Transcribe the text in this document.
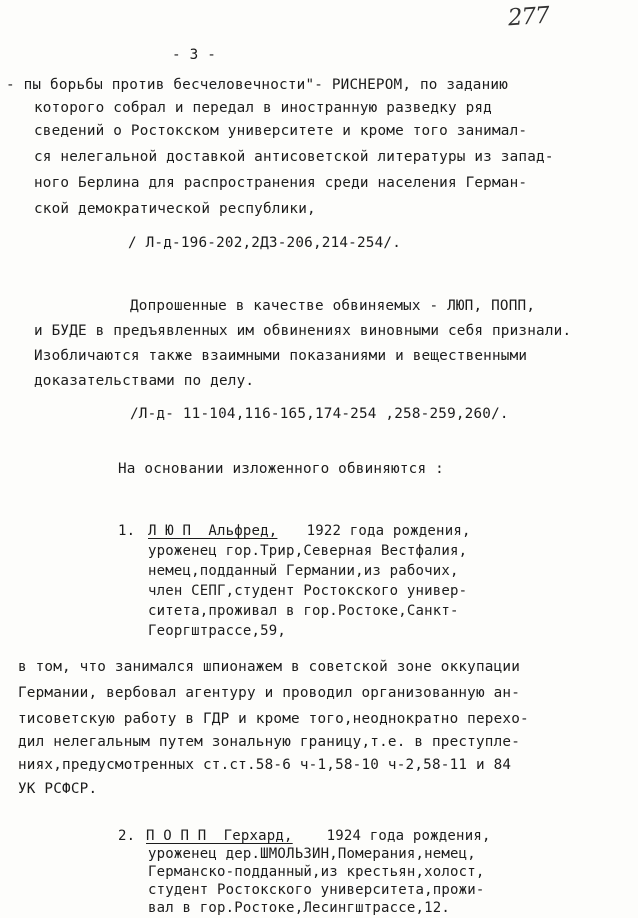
277
- 3 -
- пы борьбы против бесчеловечности"- РИСНЕРОМ, по заданию
которого собрал и передал в иностранную разведку ряд
сведений о Ростокском университете и кроме того занимал-
ся нелегальной доставкой антисоветской литературы из запад-
ного Берлина для распространения среди населения Герман-
ской демократической республики,
/ Л-д-196-202,2ДЗ-206,214-254/.
Допрошенные в качестве обвиняемых - ЛЮП, ПОПП,
и БУДЕ в предъявленных им обвинениях виновными себя признали.
Изобличаются также взаимными показаниями и вещественными
доказательствами по делу.
/Л-д- 11-104,116-165,174-254 ,258-259,260/.
На основании изложенного обвиняются :
1. Л Ю П  Альфред, 1922 года рождения,
уроженец гор.Трир,Северная Вестфалия,
немец,подданный Германии,из рабочих,
член СЕПГ,студент Ростокского универ-
ситета,проживал в гор.Ростоке,Санкт-
Георгштрассе,59,
в том, что занимался шпионажем в советской зоне оккупации
Германии, вербовал агентуру и проводил организованную ан-
тисоветскую работу в ГДР и кроме того,неоднократно перехо-
дил нелегальным путем зональную границу,т.е. в преступле-
ниях,предусмотренных ст.ст.58-6 ч-1,58-10 ч-2,58-11 и 84
УК РСФСР.
2. П О П П  Герхард, 1924 года рождения,
уроженец дер.ШМОЛЬЗИН,Померания,немец,
Германско-подданный,из крестьян,холост,
студент Ростокского университета,прожи-
вал в гор.Ростоке,Лесингштрассе,12.
